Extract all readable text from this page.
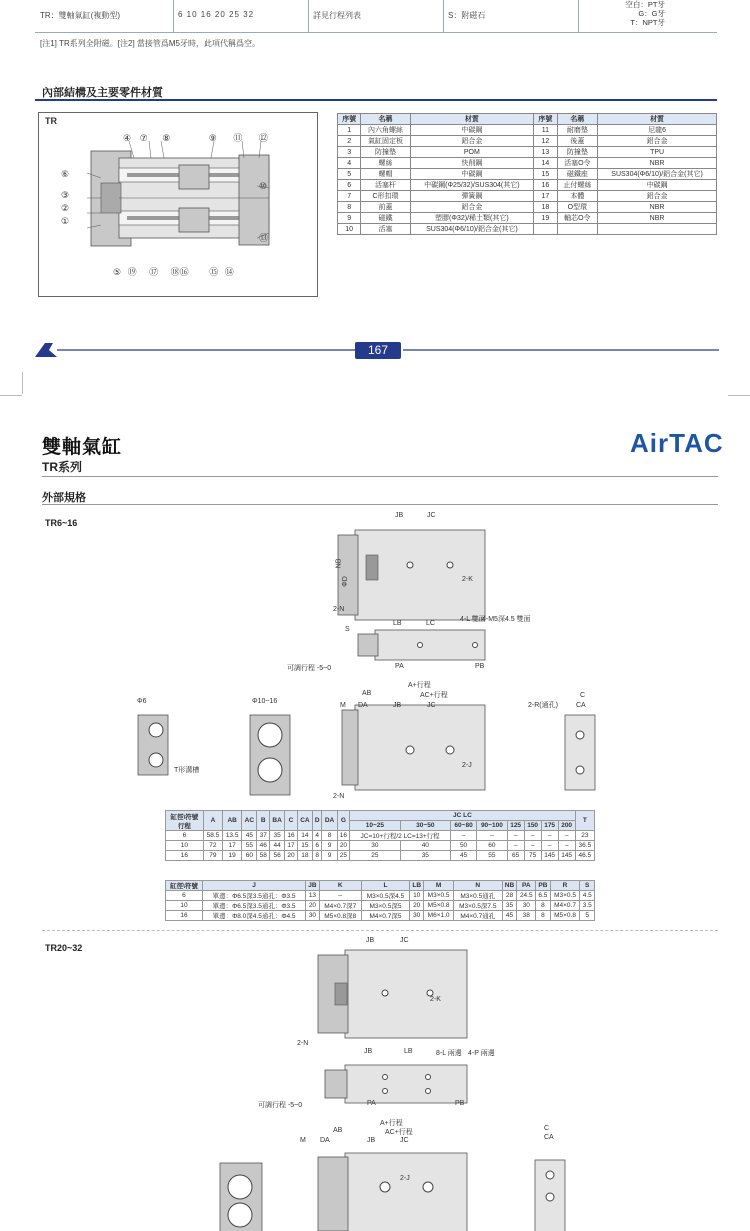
TR：雙軸氣缸(複動型)	6 10 16 20 25 32	詳見行程列表	S：附磁石
空白：PT牙
G：G牙
T：NPT牙
[注1] TR系列全附磁。[注2] 當接管爲M5牙時，此項代稱爲空。
內部結構及主要零件材質
TR
④ ⑦ ⑧	⑨ ⑪ ⑫
⑥
③
②
①
⑩
⑬
⑤ ⑲ ⑰ ⑱⑯ ⑮ ⑭
序號	名稱	材質	序號	名稱	材質
1	內六角螺絲	中碳鋼	11	耐磨墊	尼龍6
2	氣缸固定板	鋁合金	12	後蓋	鋁合金
3	防撞墊	POM	13	防撞墊	TPU
4	螺絲	快削鋼	14	活塞O令	NBR
5	螺帽	中碳鋼	15	磁鐵座	SUS304(Φ6/10)/鋁合金(其它)
6	活塞杆	中碳鋼(Φ25/32)/SUS304(其它)	16	止付螺絲	中碳鋼
7	C形扣環	彈簧鋼	17	本體	鋁合金
8	前蓋	鋁合金	18	O型環	NBR
9	磁鐵	塑膠(Φ32)/稀土類(其它)	19	軸芯O令	NBR
10	活塞	SUS304(Φ6/10)/鋁合金(其它)			
167
雙軸氣缸
TR系列
AirTAC
外部規格
TR6~16
JB	JC
NB
ΦD	2-K
2-N
LB	LC
4-L 雙面
4-M5深4.5 雙面
S
可調行程 -5~0	PA	PB
A+行程
AB	AC+行程
M DA	JB	JC
2-J
2-N
2-R(通孔)
C
CA
Φ6	Φ10~16
T形溝槽
缸徑\符號
行程	A	AB	AC	B	BA	C	CA	D	DA	G	JC LC								T
											10~25	30~50	60~80	90~100	125	150	175	200	
6	58.5	13.5	45	37	35	16	14	4	8	16	JC=10+行程/2 LC=13+行程		–	–	–	–	–	–	23
10	72	17	55	46	44	17	15	6	9	20	30	40	50	60	–	–	–	–	36.5
16	79	19	60	58	56	20	18	8	9	25	25	35	45	55	65	75	145	145	46.5
缸徑\符號	J	JB	K	L	LB	M	N	NB	PA	PB	R	S
6	單邊：Φ6.5深3.5通孔：Φ3.5	13	–	M3×0.5深4.5	10	M3×0.5	M3×0.5通孔	28	24.5	6.5	M3×0.5	4.5
10	單邊：Φ6.5深3.5通孔：Φ3.5	20	M4×0.7深7	M3×0.5深5	20	M5×0.8	M3×0.5深7.5	35	30	8	M4×0.7	3.5
16	單邊：Φ8.0深4.5通孔：Φ4.5	30	M5×0.8深8	M4×0.7深5	30	M6×1.0	M4×0.7通孔	45	38	8	M5×0.8	5
TR20~32
JB	JC
2-K
2-N
JB	LB	8-L 兩邊 4-P 兩邊
可調行程 -5~0	PA	PB
A+行程
AB	AC+行程
M DA	JB	JC
2-J
C
CA
